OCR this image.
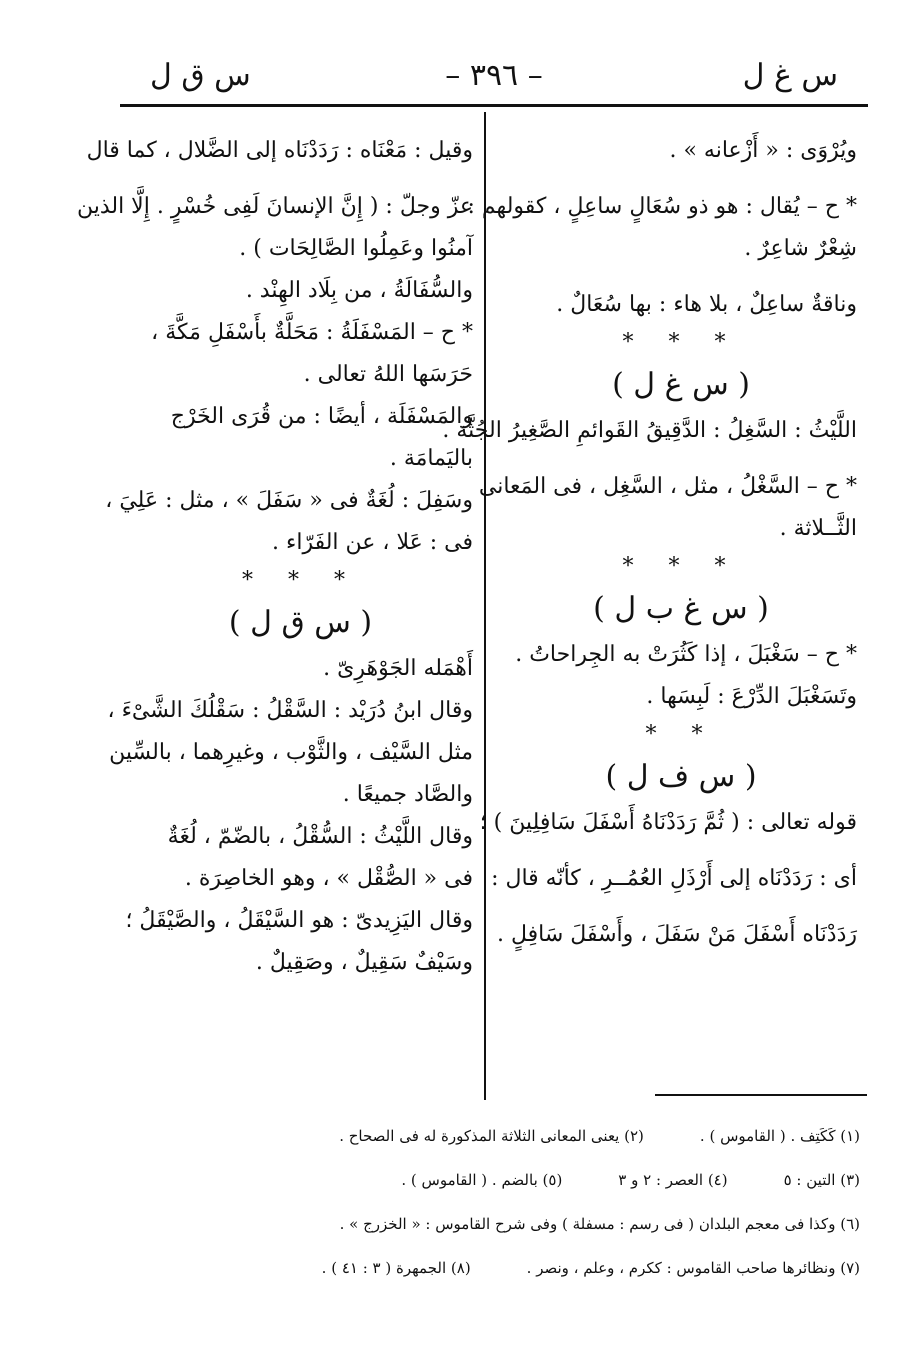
س غ ل
– ٣٩٦ –
س ق ل
ويُرْوَى : « أَزْعانه » .
* ح – يُقال : هو ذو سُعَالٍ ساعِلٍ ، كقولهم :
شِعْرٌ شاعِرٌ .
وناقةٌ ساعِلٌ ، بلا هاء : بها سُعَالٌ .
* * *
( س غ ل )
اللَّيْثُ : السَّغِلُ : الدَّقِيقُ القَوائمِ الصَّغِيرُ الجُثَّة .
* ح – السَّغْلُ ، مثل ، السَّغِل ، فى المَعانى
الثَّــلاثة .
* * *
( س غ ب ل )
* ح – سَغْبَلَ ، إذا كَثُرَتْ به الجِراحاتُ .
وتَسَغْبَلَ الدِّرْعَ : لَبِسَها .
* *
( س ف ل )
قوله تعالى : ( ثُمَّ رَدَدْنَاهُ أَسْفَلَ سَافِلِينَ ) ؛
أى : رَدَدْنَاه إلى أَرْذَلِ العُمُــرِ ، كأنّه قال :
رَدَدْنَاه أَسْفَلَ مَنْ سَفَلَ ، وأَسْفَلَ سَافِلٍ .
وقيل : مَعْنَاه : رَدَدْنَاه إلى الضَّلال ، كما قال
عزّ وجلّ : ( إِنَّ الإنسانَ لَفِى خُسْرٍ . إِلَّا الذين
آمنُوا وعَمِلُوا الصَّالِحَات ) .
والسُّفَالَةُ ، من بِلَاد الهِنْد .
* ح – المَسْفَلَةُ : مَحَلَّةٌ بأَسْفَلِ مَكَّةَ ،
حَرَسَها اللهُ تعالى .
والمَسْفَلَة ، أيضًا : من قُرَى الخَرْج
باليَمامَة .
وسَفِلَ : لُغَةٌ فى « سَفَلَ » ، مثل : عَلِيَ ،
فى : عَلا ، عن الفَرّاء .
* * *
( س ق ل )
أَهْمَله الجَوْهَرِىّ .
وقال ابنُ دُرَيْد : السَّقْلُ : سَقْلُكَ الشَّىْءَ ،
مثل السَّيْف ، والثَّوْب ، وغيرِهما ، بالسِّين
والصَّاد جميعًا .
وقال اللَّيْثُ : السُّقْلُ ، بالضّمّ ، لُغَةٌ
فى « الصُّقْل » ، وهو الخاصِرَة .
وقال اليَزِيدىّ : هو السَّيْقَلُ ، والصَّيْقَلُ ؛
وسَيْفٌ سَقِيلٌ ، وصَقِيلٌ .
(١) كَكَتِف . ( القاموس ) .
(٢) يعنى المعانى الثلاثة المذكورة له فى الصحاح .
(٣) التين : ٥
(٤) العصر : ٢ و ٣
(٥) بالضم . ( القاموس ) .
(٦) وكذا فى معجم البلدان ( فى رسم : مسفلة ) وفى شرح القاموس : « الخزرج » .
(٧) ونظائرها صاحب القاموس : ككرم ، وعلم ، ونصر .
(٨) الجمهرة ( ٣ : ٤١ ) .
